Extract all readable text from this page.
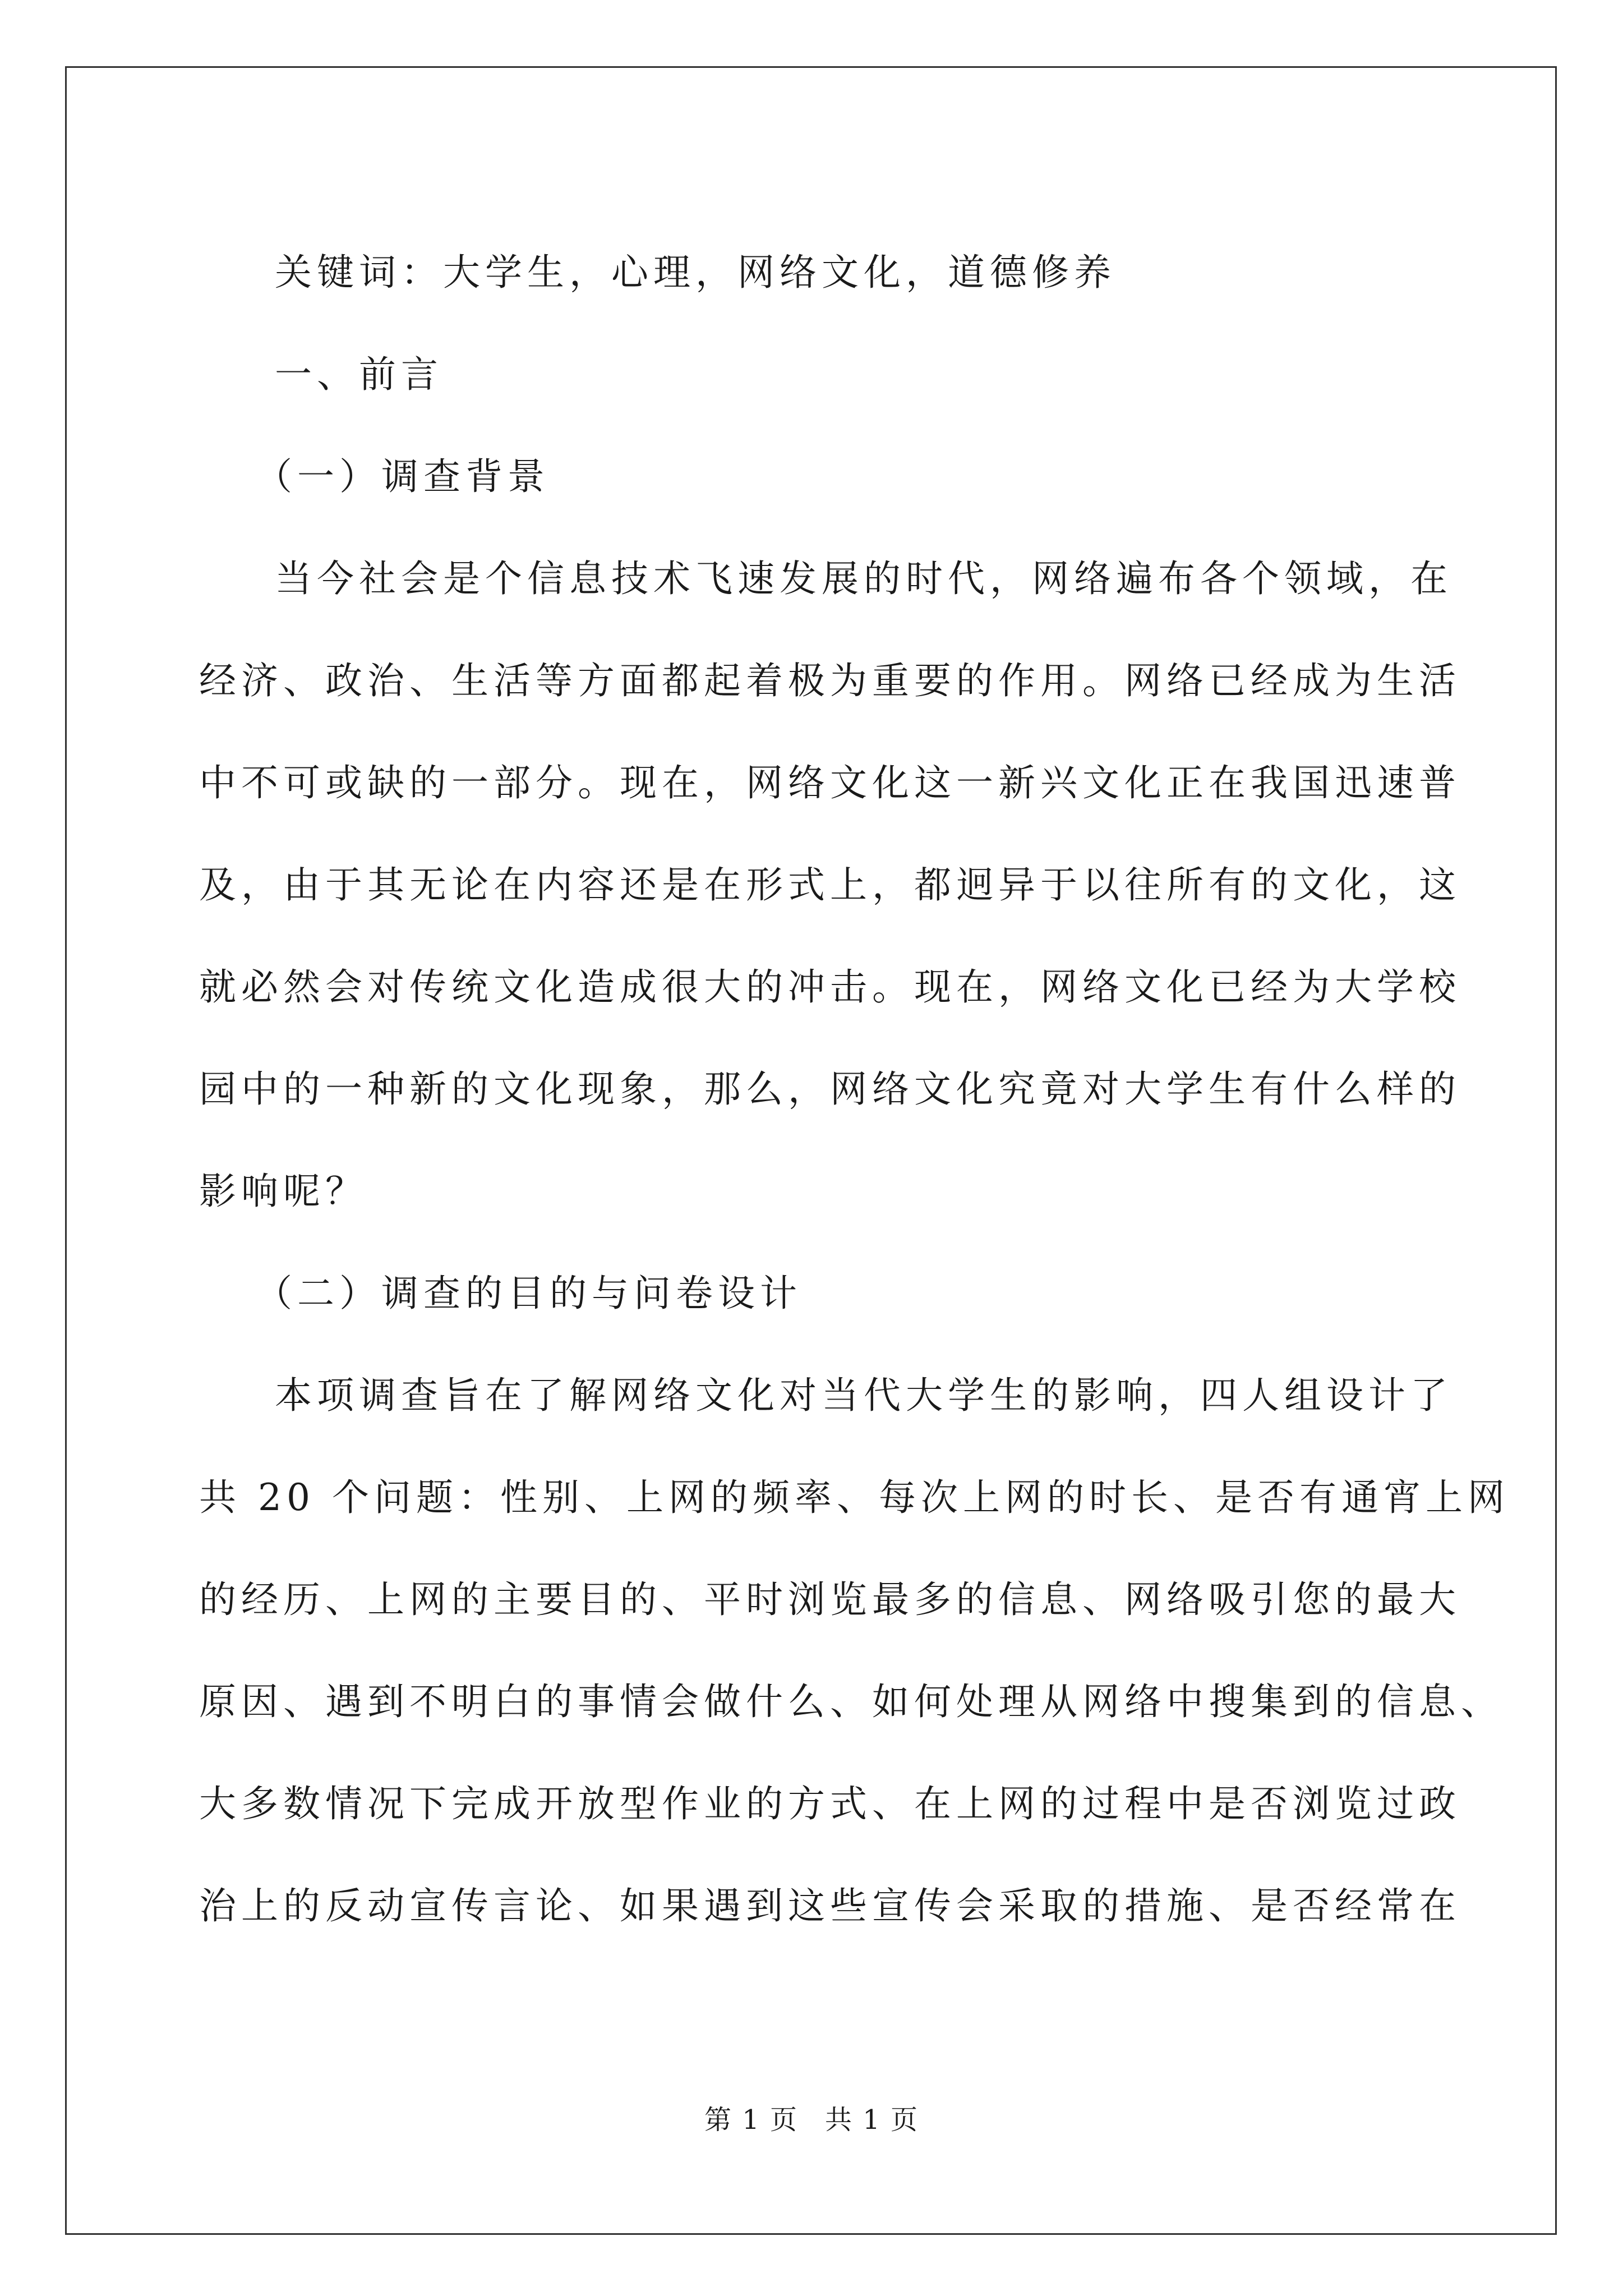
关键词：大学生，心理，网络文化，道德修养
一、前言
（一）调查背景
当今社会是个信息技术飞速发展的时代，网络遍布各个领域，在
经济、政治、生活等方面都起着极为重要的作用。网络已经成为生活
中不可或缺的一部分。现在，网络文化这一新兴文化正在我国迅速普
及，由于其无论在内容还是在形式上，都迥异于以往所有的文化，这
就必然会对传统文化造成很大的冲击。现在，网络文化已经为大学校
园中的一种新的文化现象，那么，网络文化究竟对大学生有什么样的
影响呢？
（二）调查的目的与问卷设计
本项调查旨在了解网络文化对当代大学生的影响，四人组设计了
共 20 个问题：性别、上网的频率、每次上网的时长、是否有通宵上网
的经历、上网的主要目的、平时浏览最多的信息、网络吸引您的最大
原因、遇到不明白的事情会做什么、如何处理从网络中搜集到的信息、
大多数情况下完成开放型作业的方式、在上网的过程中是否浏览过政
治上的反动宣传言论、如果遇到这些宣传会采取的措施、是否经常在
第 1 页 共 1 页
